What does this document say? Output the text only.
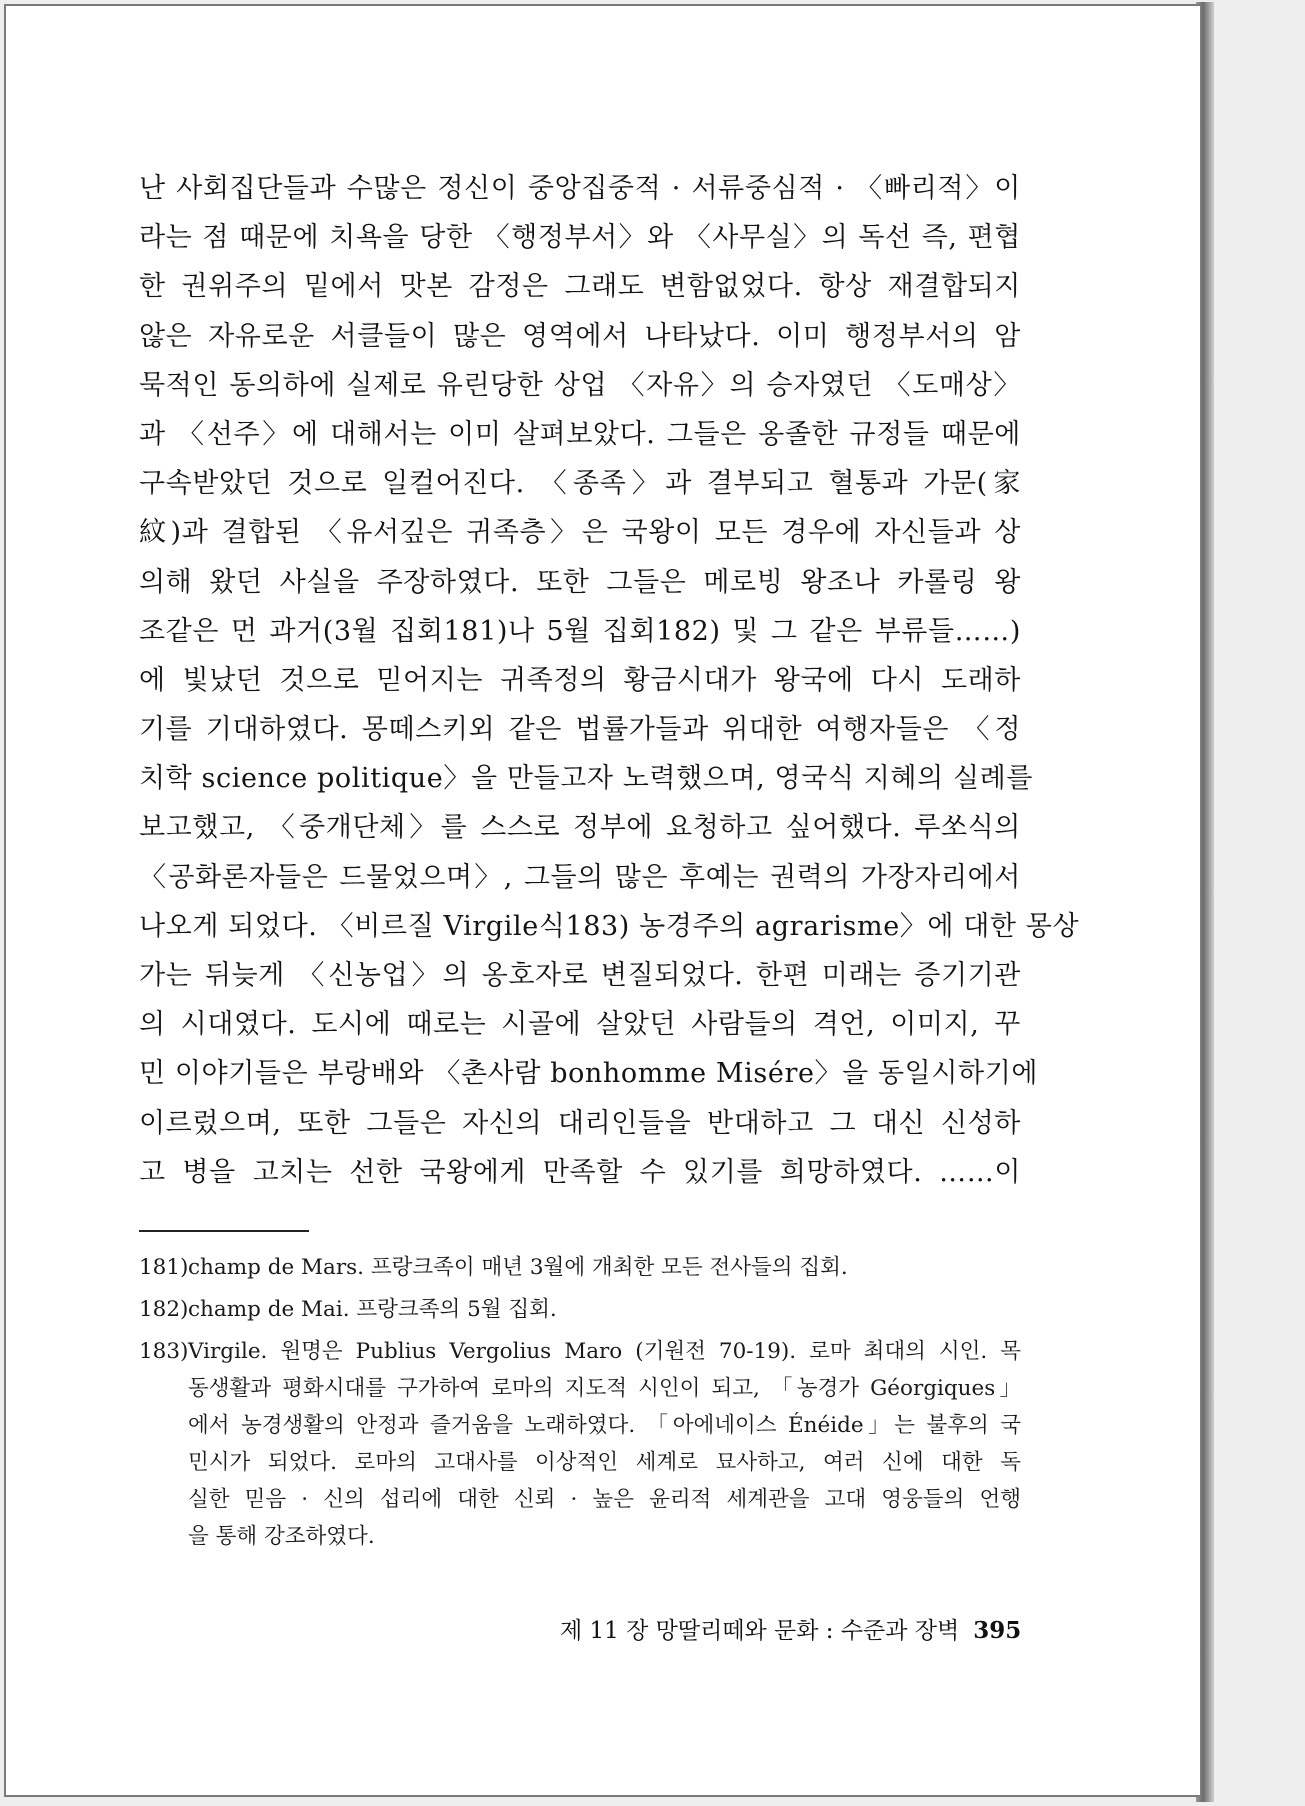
난 사회집단들과 수많은 정신이 중앙집중적 · 서류중심적 · 〈빠리적〉이
라는 점 때문에 치욕을 당한 〈행정부서〉와 〈사무실〉의 독선 즉, 편협
한 권위주의 밑에서 맛본 감정은 그래도 변함없었다. 항상 재결합되지
않은 자유로운 서클들이 많은 영역에서 나타났다. 이미 행정부서의 암
묵적인 동의하에 실제로 유린당한 상업 〈자유〉의 승자였던 〈도매상〉
과 〈선주〉에 대해서는 이미 살펴보았다. 그들은 옹졸한 규정들 때문에
구속받았던 것으로 일컬어진다. 〈종족〉과 결부되고 혈통과 가문(家
紋)과 결합된 〈유서깊은 귀족층〉은 국왕이 모든 경우에 자신들과 상
의해 왔던 사실을 주장하였다. 또한 그들은 메로빙 왕조나 카롤링 왕
조같은 먼 과거(3월 집회181)나 5월 집회182) 및 그 같은 부류들……)
에 빛났던 것으로 믿어지는 귀족정의 황금시대가 왕국에 다시 도래하
기를 기대하였다. 몽떼스키외 같은 법률가들과 위대한 여행자들은 〈정
치학 science politique〉을 만들고자 노력했으며, 영국식 지혜의 실례를
보고했고, 〈중개단체〉를 스스로 정부에 요청하고 싶어했다. 루쏘식의
〈공화론자들은 드물었으며〉, 그들의 많은 후예는 권력의 가장자리에서
나오게 되었다. 〈비르질 Virgile식183) 농경주의 agrarisme〉에 대한 몽상
가는 뒤늦게 〈신농업〉의 옹호자로 변질되었다. 한편 미래는 증기기관
의 시대였다. 도시에 때로는 시골에 살았던 사람들의 격언, 이미지, 꾸
민 이야기들은 부랑배와 〈촌사람 bonhomme Misére〉을 동일시하기에
이르렀으며, 또한 그들은 자신의 대리인들을 반대하고 그 대신 신성하
고 병을 고치는 선한 국왕에게 만족할 수 있기를 희망하였다. ……이
181) champ de Mars. 프랑크족이 매년 3월에 개최한 모든 전사들의 집회.
182) champ de Mai. 프랑크족의 5월 집회.
183) Virgile. 원명은 Publius Vergolius Maro (기원전 70-19). 로마 최대의 시인. 목
동생활과 평화시대를 구가하여 로마의 지도적 시인이 되고, 「농경가 Géorgiques」
에서 농경생활의 안정과 즐거움을 노래하였다. 「아에네이스 Énéide」는 불후의 국
민시가 되었다. 로마의 고대사를 이상적인 세계로 묘사하고, 여러 신에 대한 독
실한 믿음 · 신의 섭리에 대한 신뢰 · 높은 윤리적 세계관을 고대 영웅들의 언행
을 통해 강조하였다.
제 11 장 망딸리떼와 문화 : 수준과 장벽 395
